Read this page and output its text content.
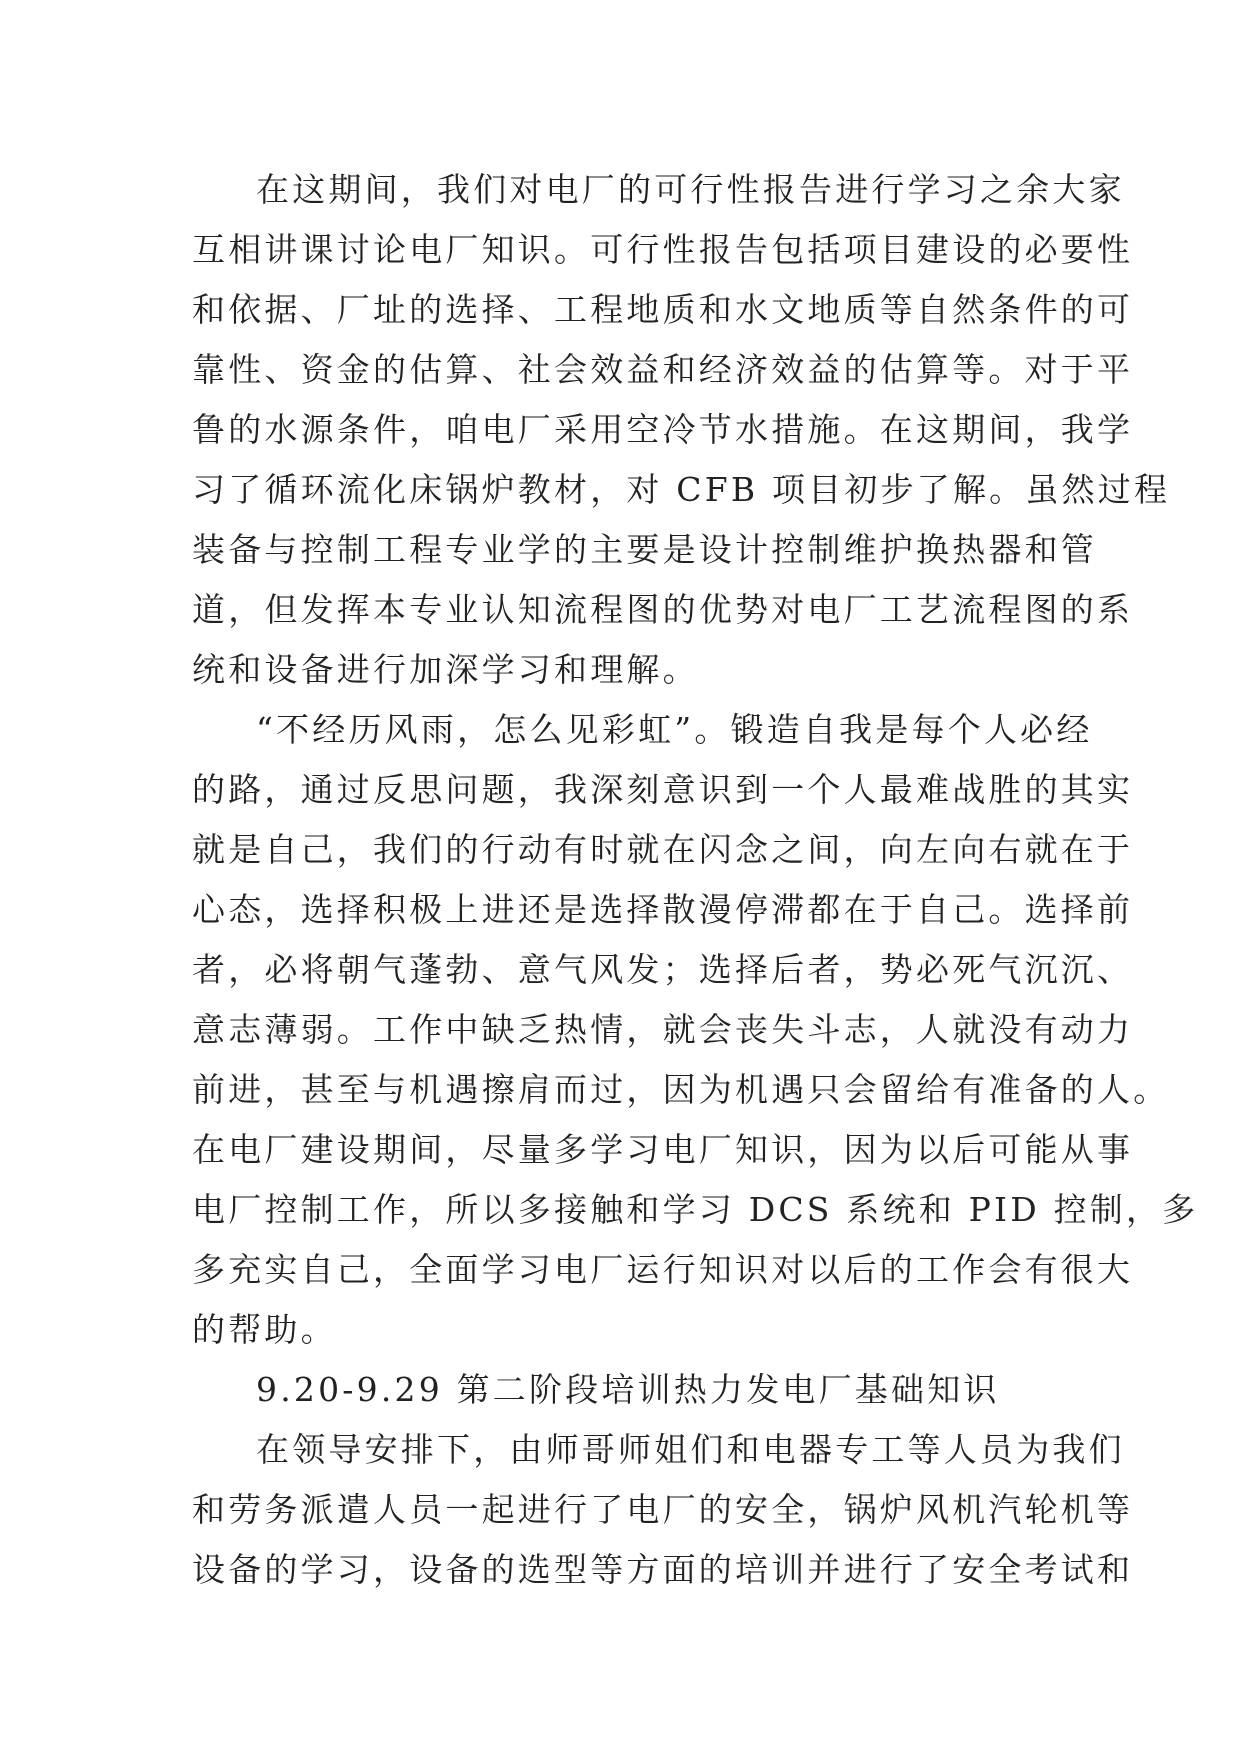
在这期间，我们对电厂的可行性报告进行学习之余大家
互相讲课讨论电厂知识。可行性报告包括项目建设的必要性
和依据、厂址的选择、工程地质和水文地质等自然条件的可
靠性、资金的估算、社会效益和经济效益的估算等。对于平
鲁的水源条件，咱电厂采用空冷节水措施。在这期间，我学
习了循环流化床锅炉教材，对 CFB 项目初步了解。虽然过程
装备与控制工程专业学的主要是设计控制维护换热器和管
道，但发挥本专业认知流程图的优势对电厂工艺流程图的系
统和设备进行加深学习和理解。
“不经历风雨，怎么见彩虹”。锻造自我是每个人必经
的路，通过反思问题，我深刻意识到一个人最难战胜的其实
就是自己，我们的行动有时就在闪念之间，向左向右就在于
心态，选择积极上进还是选择散漫停滞都在于自己。选择前
者，必将朝气蓬勃、意气风发；选择后者，势必死气沉沉、
意志薄弱。工作中缺乏热情，就会丧失斗志，人就没有动力
前进，甚至与机遇擦肩而过，因为机遇只会留给有准备的人。
在电厂建设期间，尽量多学习电厂知识，因为以后可能从事
电厂控制工作，所以多接触和学习 DCS 系统和 PID 控制，多
多充实自己，全面学习电厂运行知识对以后的工作会有很大
的帮助。
9.20-9.29 第二阶段培训热力发电厂基础知识
在领导安排下，由师哥师姐们和电器专工等人员为我们
和劳务派遣人员一起进行了电厂的安全，锅炉风机汽轮机等
设备的学习，设备的选型等方面的培训并进行了安全考试和
